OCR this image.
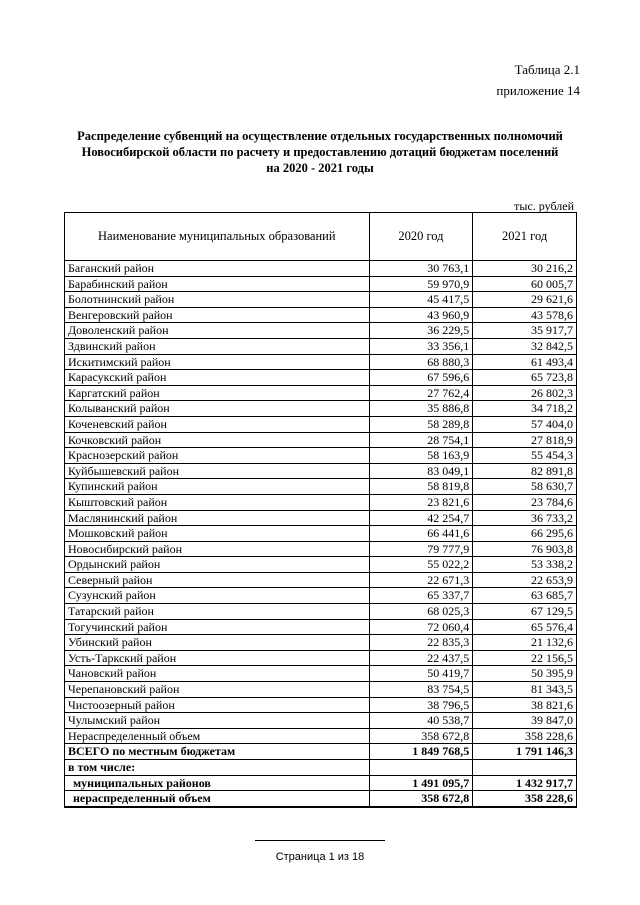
Таблица 2.1
приложение 14
Распределение субвенций на осуществление отдельных государственных полномочий
Новосибирской области по расчету и предоставлению дотаций бюджетам поселений
на 2020 - 2021 годы
тыс. рублей
Наименование муниципальных образований	2020 год	2021 год
Баганский район	30 763,1	30 216,2
Барабинский район	59 970,9	60 005,7
Болотнинский район	45 417,5	29 621,6
Венгеровский район	43 960,9	43 578,6
Доволенский район	36 229,5	35 917,7
Здвинский район	33 356,1	32 842,5
Искитимский район	68 880,3	61 493,4
Карасукский район	67 596,6	65 723,8
Каргатский район	27 762,4	26 802,3
Колыванский район	35 886,8	34 718,2
Коченевский район	58 289,8	57 404,0
Кочковский район	28 754,1	27 818,9
Краснозерский район	58 163,9	55 454,3
Куйбышевский район	83 049,1	82 891,8
Купинский район	58 819,8	58 630,7
Кыштовский район	23 821,6	23 784,6
Маслянинский район	42 254,7	36 733,2
Мошковский район	66 441,6	66 295,6
Новосибирский район	79 777,9	76 903,8
Ордынский район	55 022,2	53 338,2
Северный район	22 671,3	22 653,9
Сузунский район	65 337,7	63 685,7
Татарский район	68 025,3	67 129,5
Тогучинский район	72 060,4	65 576,4
Убинский район	22 835,3	21 132,6
Усть-Таркский район	22 437,5	22 156,5
Чановский район	50 419,7	50 395,9
Черепановский район	83 754,5	81 343,5
Чистоозерный район	38 796,5	38 821,6
Чулымский район	40 538,7	39 847,0
Нераспределенный объем	358 672,8	358 228,6
ВСЕГО по местным бюджетам	1 849 768,5	1 791 146,3
в том числе:		
муниципальных районов	1 491 095,7	1 432 917,7
нераспределенный объем	358 672,8	358 228,6
Страница 1 из 18
